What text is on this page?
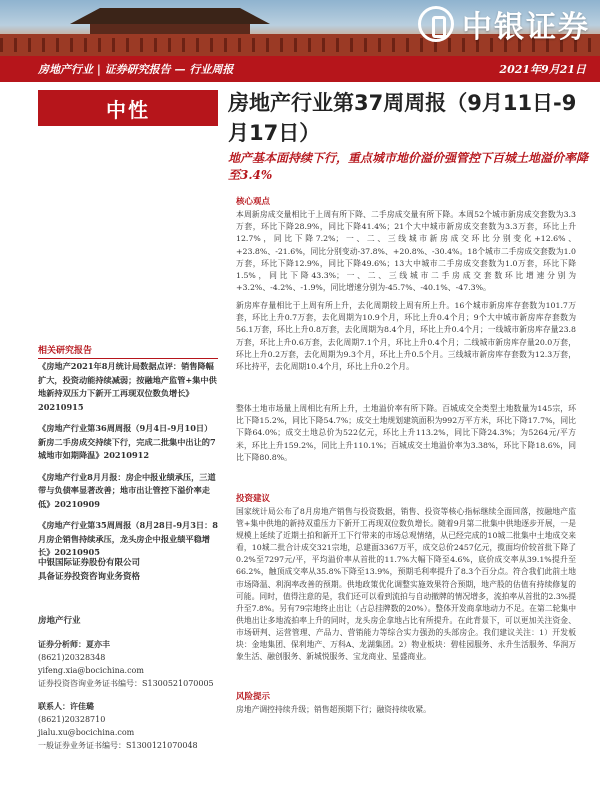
中银证券
房地产行业 | 证券研究报告 — 行业周报	2021年9月21日
中性	房地产行业第37周周报（9月11日-9月17日）
地产基本面持续下行，重点城市地价溢价强管控下百城土地溢价率降至3.4%
核心观点
本周新房成交量相比于上周有所下降、二手房成交量有所下降。本周52个城市新房成交套数为3.3万套，环比下降28.9%，同比下降41.4%；21个大中城市新房成交套数为3.3万套，环比上升12.7%，同比下降7.2%；一、二、三线城市新房成交环比分别变化+12.6%、+23.8%、-21.6%，同比分别变动-37.8%、+20.8%、-30.4%。18个城市二手房成交套数为1.0万套，环比下降12.9%，同比下降49.6%；13大中城市二手房成交套数为1.0万套，环比下降1.5%，同比下降43.3%；一、二、三线城市二手房成交套数环比增速分别为+3.2%、-4.2%、-1.9%，同比增速分别为-45.7%、-40.1%、-47.3%。
新房库存量相比于上周有所上升，去化周期较上周有所上升。16个城市新房库存套数为101.7万套，环比上升0.7万套，去化周期为10.9个月，环比上升0.4个月；9个大中城市新房库存套数为56.1万套，环比上升0.8万套，去化周期为8.4个月，环比上升0.4个月；一线城市新房库存量23.8万套，环比上升0.6万套，去化周期7.1个月，环比上升0.4个月；二线城市新房库存量20.0万套，环比上升0.2万套，去化周期为9.3个月，环比上升0.5个月。三线城市新房库存套数为12.3万套，环比持平，去化周期10.4个月，环比上升0.2个月。
整体土地市场量上周相比有所上升，土地溢价率有所下降。百城成交全类型土地数量为145宗，环比下降15.2%，同比下降54.7%；成交土地规划建筑面积为992万平方米，环比下降17.7%，同比下降64.0%；成交土地总价为522亿元，环比上升113.2%，同比下降24.3%；为5264元/平方米，环比上升159.2%，同比上升110.1%；百城成交土地溢价率为3.38%，环比下降18.6%，同比下降80.8%。
投资建议
国家统计局公布了8月房地产销售与投资数据，销售、投资等核心指标继续全面回落，按融地产监管+集中供地的新持双重压力下新开工再现双位数负增长。随着9月第二批集中供地逐步开展，一是规模上延续了近期土拍和新开工下行带来的市场总观情绪，从已经完成的10城二批集中土地成交来看，10城二批合计成交321宗地，总建面3367万平，成交总价2457亿元，揽面均价较首批下降了0.2%至7297元/平，平均溢价率从首批的11.7%大幅下降至4.6%，底价成交率从39.1%提升至66.2%，触顶成交率从35.8%下降至13.9%，预期毛利率提升了8.3个百分点。符合我们此前土地市场降温、利润率改善的预期。供地政策优化调整实施效果符合预期，地产股的估值有持续修复的可能。同时，值得注意的是，我们还可以看到流拍与自动撤牌的情况增多，流拍率从首批的2.3%提升至7.8%。另有79宗地终止出让（占总挂牌数的20%）。整体开发商拿地动力不足。在第二轮集中供地出让多地流拍率上升的同时，龙头房企拿地占比有所提升。在此背景下，可以更加关注资金、市场研判、运营管理、产品力、营销能力等综合实力强劲的头部房企。我们建议关注：1）开发板块：金地集团、保利地产、万科A、龙湖集团。2）物业板块：碧桂园服务、永升生活服务、华润万象生活、融创服务、新城悦服务、宝龙商业、星盛商业。
风险提示
房地产调控持续升级；销售超预期下行；融资持续收紧。
相关研究报告
《房地产2021年8月统计局数据点评：销售降幅扩大，投资动能持续减弱；按融地产监管+集中供地新持双压力下新开工再现双位数负增长》20210915
《房地产行业第36周周报（9月4日-9月10日）新房二手房成交持续下行，完成二批集中出让的7城地市如期降温》20210912
《房地产行业8月月报：房企中报业绩承压，三道带与负债率显著改善；地市出让管控下溢价率走低》20210909
《房地产行业第35周周报（8月28日-9月3日：8月房企销售持续承压，龙头房企中报业绩平稳增长》20210905
中银国际证券股份有限公司
具备证券投资咨询业务资格
房地产行业
证券分析师：夏亦丰
(8621)20328348
yifeng.xia@bocichina.com
证券投资咨询业务证书编号：S1300521070005
联系人：许佳璐
(8621)20328710
jialu.xu@bocichina.com
一般证券业务证书编号：S1300121070048
